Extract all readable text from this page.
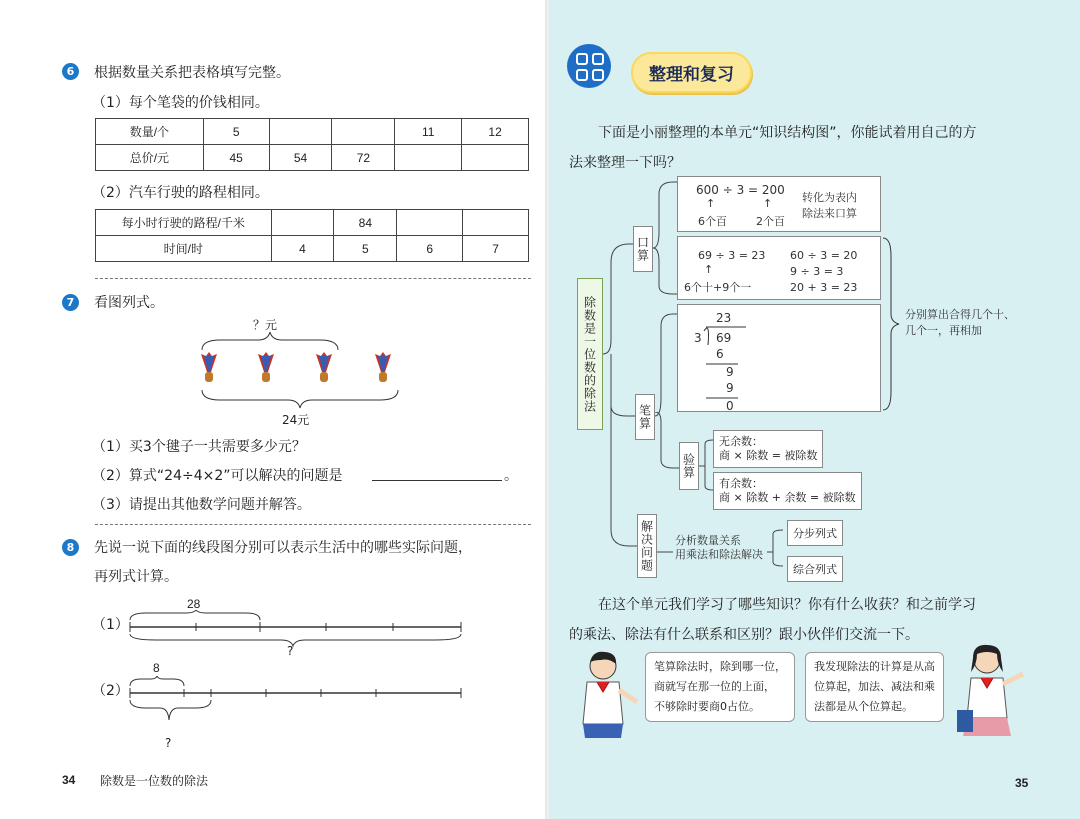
6	根据数量关系把表格填写完整。
（1）每个笔袋的价钱相同。
数量/个	5			11	12
总价/元	45	54	72		
（2）汽车行驶的路程相同。
每小时行驶的路程/千米		84		
时间/时	4	5	6	7
7	看图列式。
？元
24元
（1）买3个毽子一共需要多少元？
（2）算式“24÷4×2”可以解决的问题是	。
（3）请提出其他数学问题并解答。
8	先说一说下面的线段图分别可以表示生活中的哪些实际问题，
再列式计算。
（1）
28
?
（2）
8
?
34 除数是一位数的除法
整理和复习
下面是小丽整理的本单元“知识结构图”，你能试着用自己的方
法来整理一下吗？
除数是一位数的除法
口算
笔算
解决问题
600 ÷ 3 = 200
↑	↑
6个百	2个百
转化为表内
除法来口算
69 ÷ 3 = 23
↑
6个十+9个一
60 ÷ 3 = 20
9 ÷ 3 = 3
20 + 3 = 23
23
3 69
6
9
9
0
分别算出合得几个十、
几个一，再相加
验算
无余数：
商 × 除数 = 被除数
有余数：
商 × 除数 + 余数 = 被除数
分析数量关系
用乘法和除法解决
分步列式
综合列式
在这个单元我们学习了哪些知识？你有什么收获？和之前学习
的乘法、除法有什么联系和区别？跟小伙伴们交流一下。
笔算除法时，除到哪一位，
商就写在那一位的上面，
不够除时要商0占位。
我发现除法的计算是从高
位算起，加法、减法和乘
法都是从个位算起。
35
